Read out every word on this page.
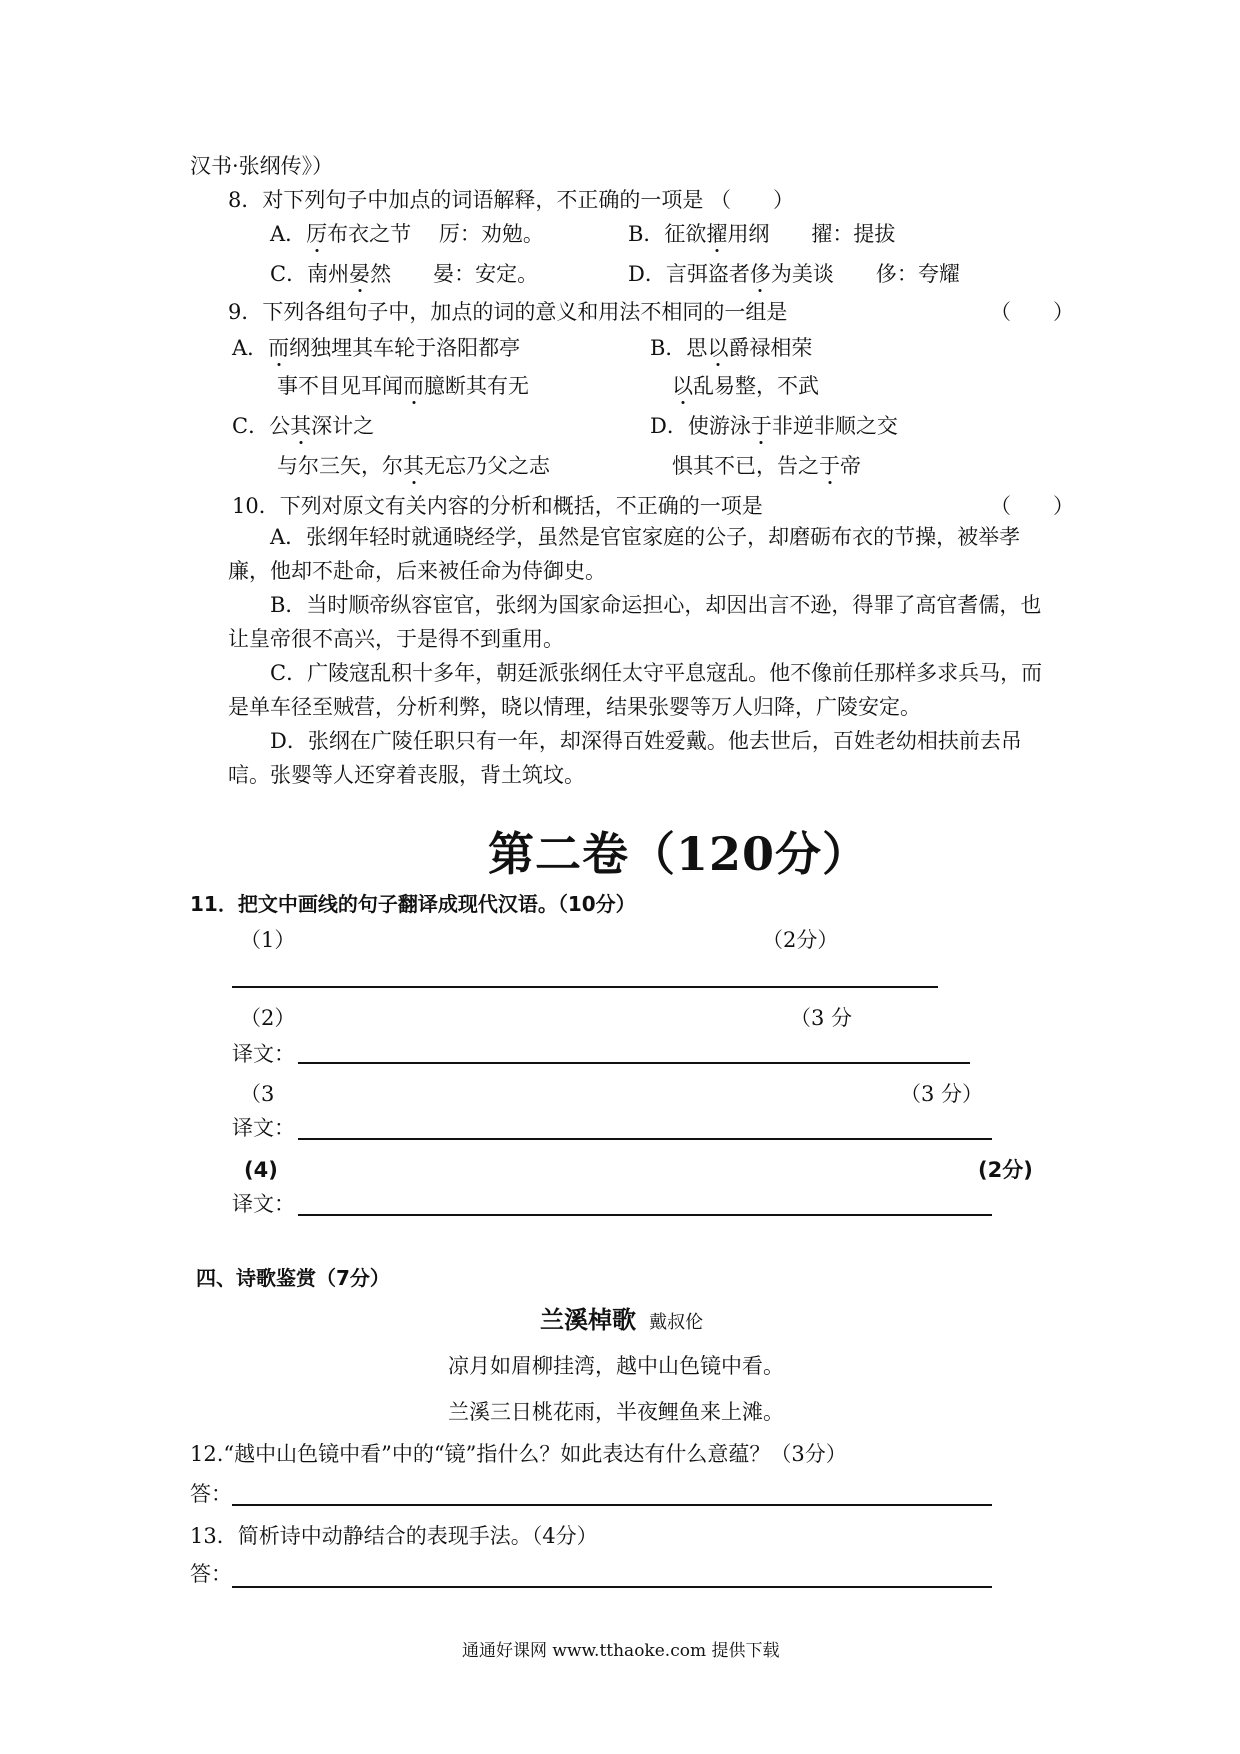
汉书·张纲传》）
8．对下列句子中加点的词语解释，不正确的一项是 （　　）
A．厉布衣之节　 厉：劝勉。	B．征欲擢用纲　　擢：提拔
C．南州晏然　　晏：安定。	D．言弭盗者侈为美谈　　侈：夸耀
9．下列各组句子中，加点的词的意义和用法不相同的一组是	（　　）
A．而纲独埋其车轮于洛阳都亭	B．思以爵禄相荣
事不目见耳闻而臆断其有无	以乱易整，不武
C．公其深计之	D．使游泳于非逆非顺之交
与尔三矢，尔其无忘乃父之志	惧其不已，告之于帝
10．下列对原文有关内容的分析和概括，不正确的一项是	（　　）
A．张纲年轻时就通晓经学，虽然是官宦家庭的公子，却磨砺布衣的节操，被举孝廉，他却不赴命，后来被任命为侍御史。
B．当时顺帝纵容宦官，张纲为国家命运担心，却因出言不逊，得罪了高官耆儒，也让皇帝很不高兴，于是得不到重用。
C．广陵寇乱积十多年，朝廷派张纲任太守平息寇乱。他不像前任那样多求兵马，而是单车径至贼营，分析利弊，晓以情理，结果张婴等万人归降，广陵安定。
D．张纲在广陵任职只有一年，却深得百姓爱戴。他去世后，百姓老幼相扶前去吊唁。张婴等人还穿着丧服，背土筑坟。
第二卷（120分）
11．把文中画线的句子翻译成现代汉语。（10分）
（1）	（2分）
（2）	（3 分
译文：
（3	（3 分）
译文：
(4)	(2分)
译文：
四、诗歌鉴赏（7分）
兰溪棹歌 戴叔伦
凉月如眉柳挂湾，越中山色镜中看。
兰溪三日桃花雨，半夜鲤鱼来上滩。
12.“越中山色镜中看”中的“镜”指什么？如此表达有什么意蕴？（3分）
答：
13．简析诗中动静结合的表现手法。（4分）
答：
通通好课网 www.tthaoke.com 提供下载
